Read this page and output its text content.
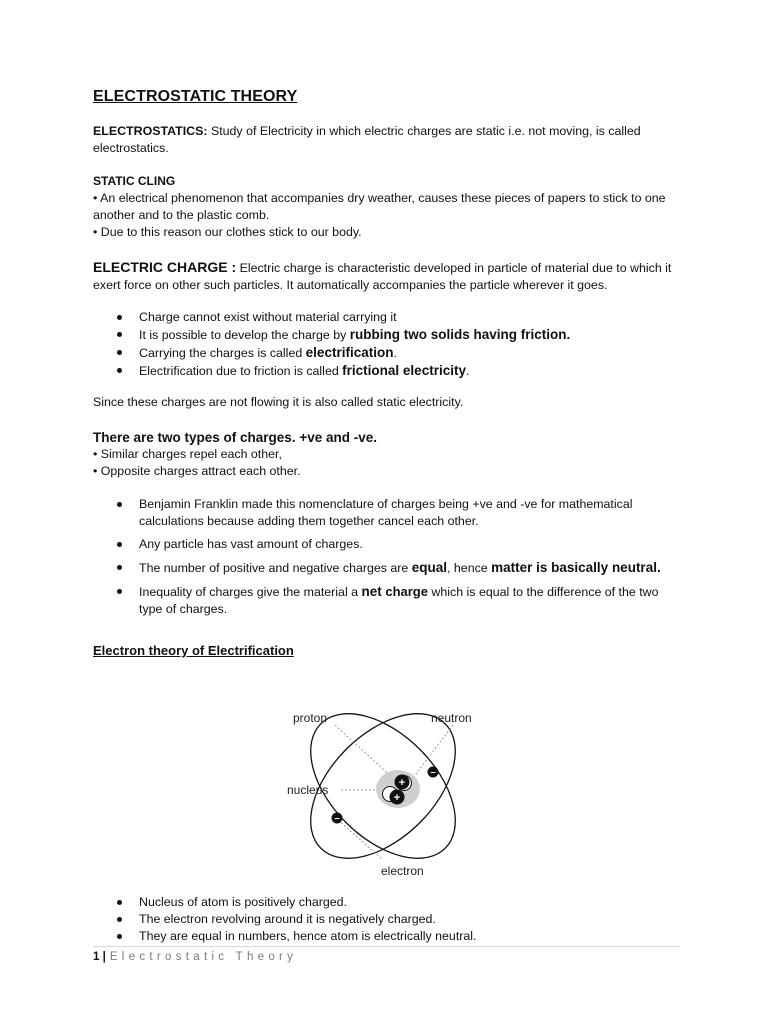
ELECTROSTATIC THEORY

ELECTROSTATICS: Study of Electricity in which electric charges are static i.e. not moving, is called electrostatics.

STATIC CLING

• An electrical phenomenon that accompanies dry weather, causes these pieces of papers to stick to one another and to the plastic comb.

• Due to this reason our clothes stick to our body.

ELECTRIC CHARGE : Electric charge is characteristic developed in particle of material due to which it exert force on other such particles. It automatically accompanies the particle wherever it goes.

Charge cannot exist without material carrying it
It is possible to develop the charge by rubbing two solids having friction.
Carrying the charges is called electrification.
Electrification due to friction is called frictional electricity.

Since these charges are not flowing it is also called static electricity.

There are two types of charges. +ve and -ve.

• Similar charges repel each other,

• Opposite charges attract each other.

Benjamin Franklin made this nomenclature of charges being +ve and -ve for mathematical calculations because adding them together cancel each other.
Any particle has vast amount of charges.
The number of positive and negative charges are equal, hence matter is basically neutral.
Inequality of charges give the material a net charge which is equal to the difference of the two type of charges.
Electron theory of Electrification
+
+
−
−
proton	neutron
nucleus
electron
Nucleus of atom is positively charged.
The electron revolving around it is negatively charged.
They are equal in numbers, hence atom is electrically neutral.
1 | Electrostatic Theory
